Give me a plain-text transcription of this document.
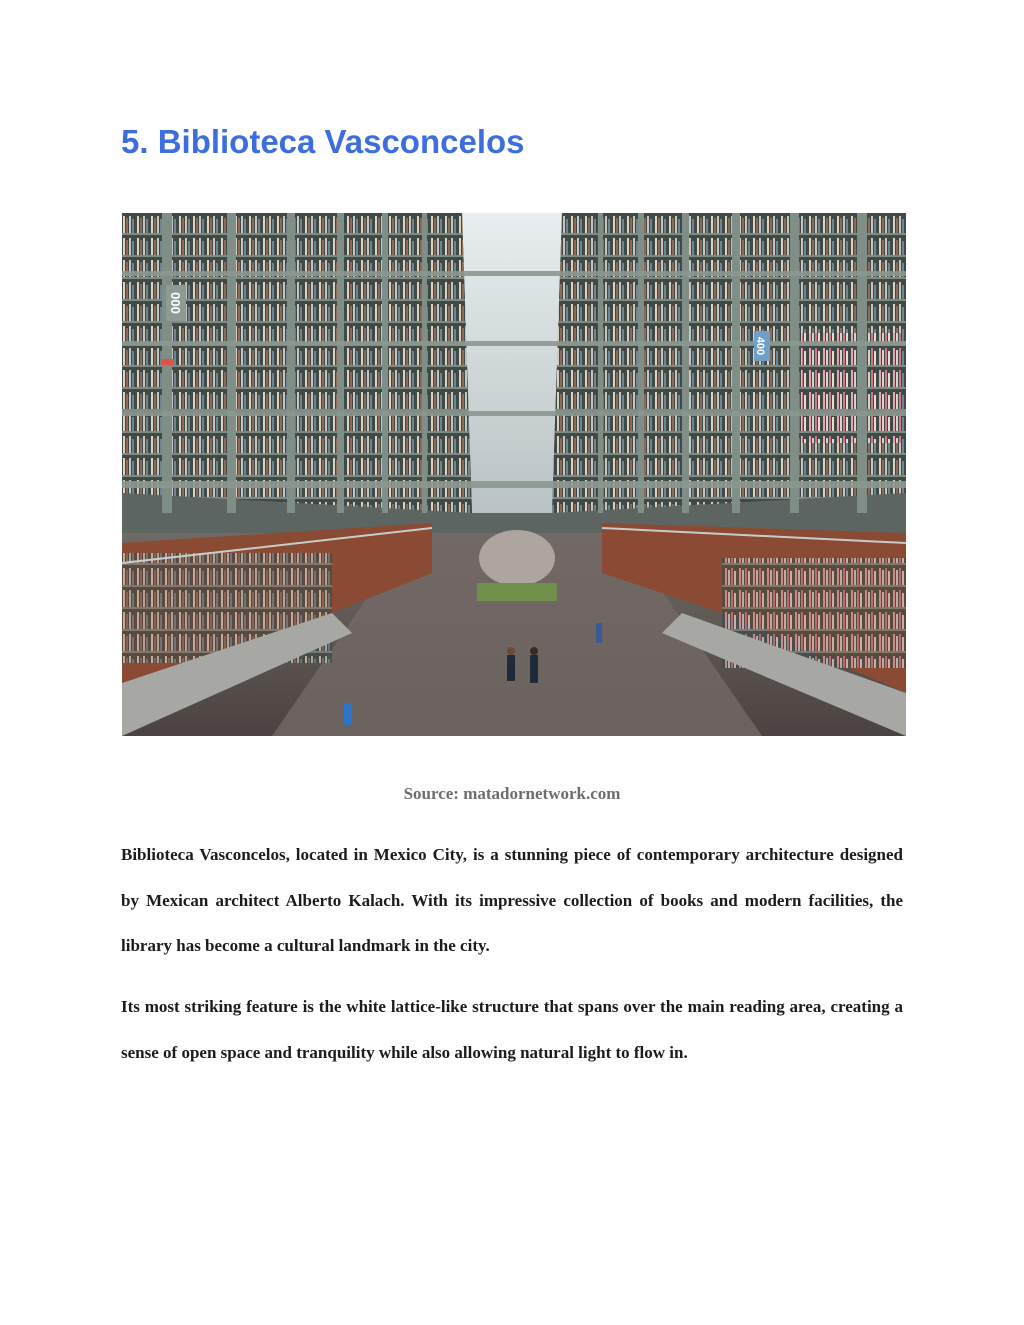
5. Biblioteca Vasconcelos
000
400
Source: matadornetwork.com

Biblioteca Vasconcelos, located in Mexico City, is a stunning piece of contemporary architecture designed by Mexican architect Alberto Kalach. With its impressive collection of books and modern facilities, the library has become a cultural landmark in the city.

Its most striking feature is the white lattice-like structure that spans over the main reading area, creating a sense of open space and tranquility while also allowing natural light to flow in.
